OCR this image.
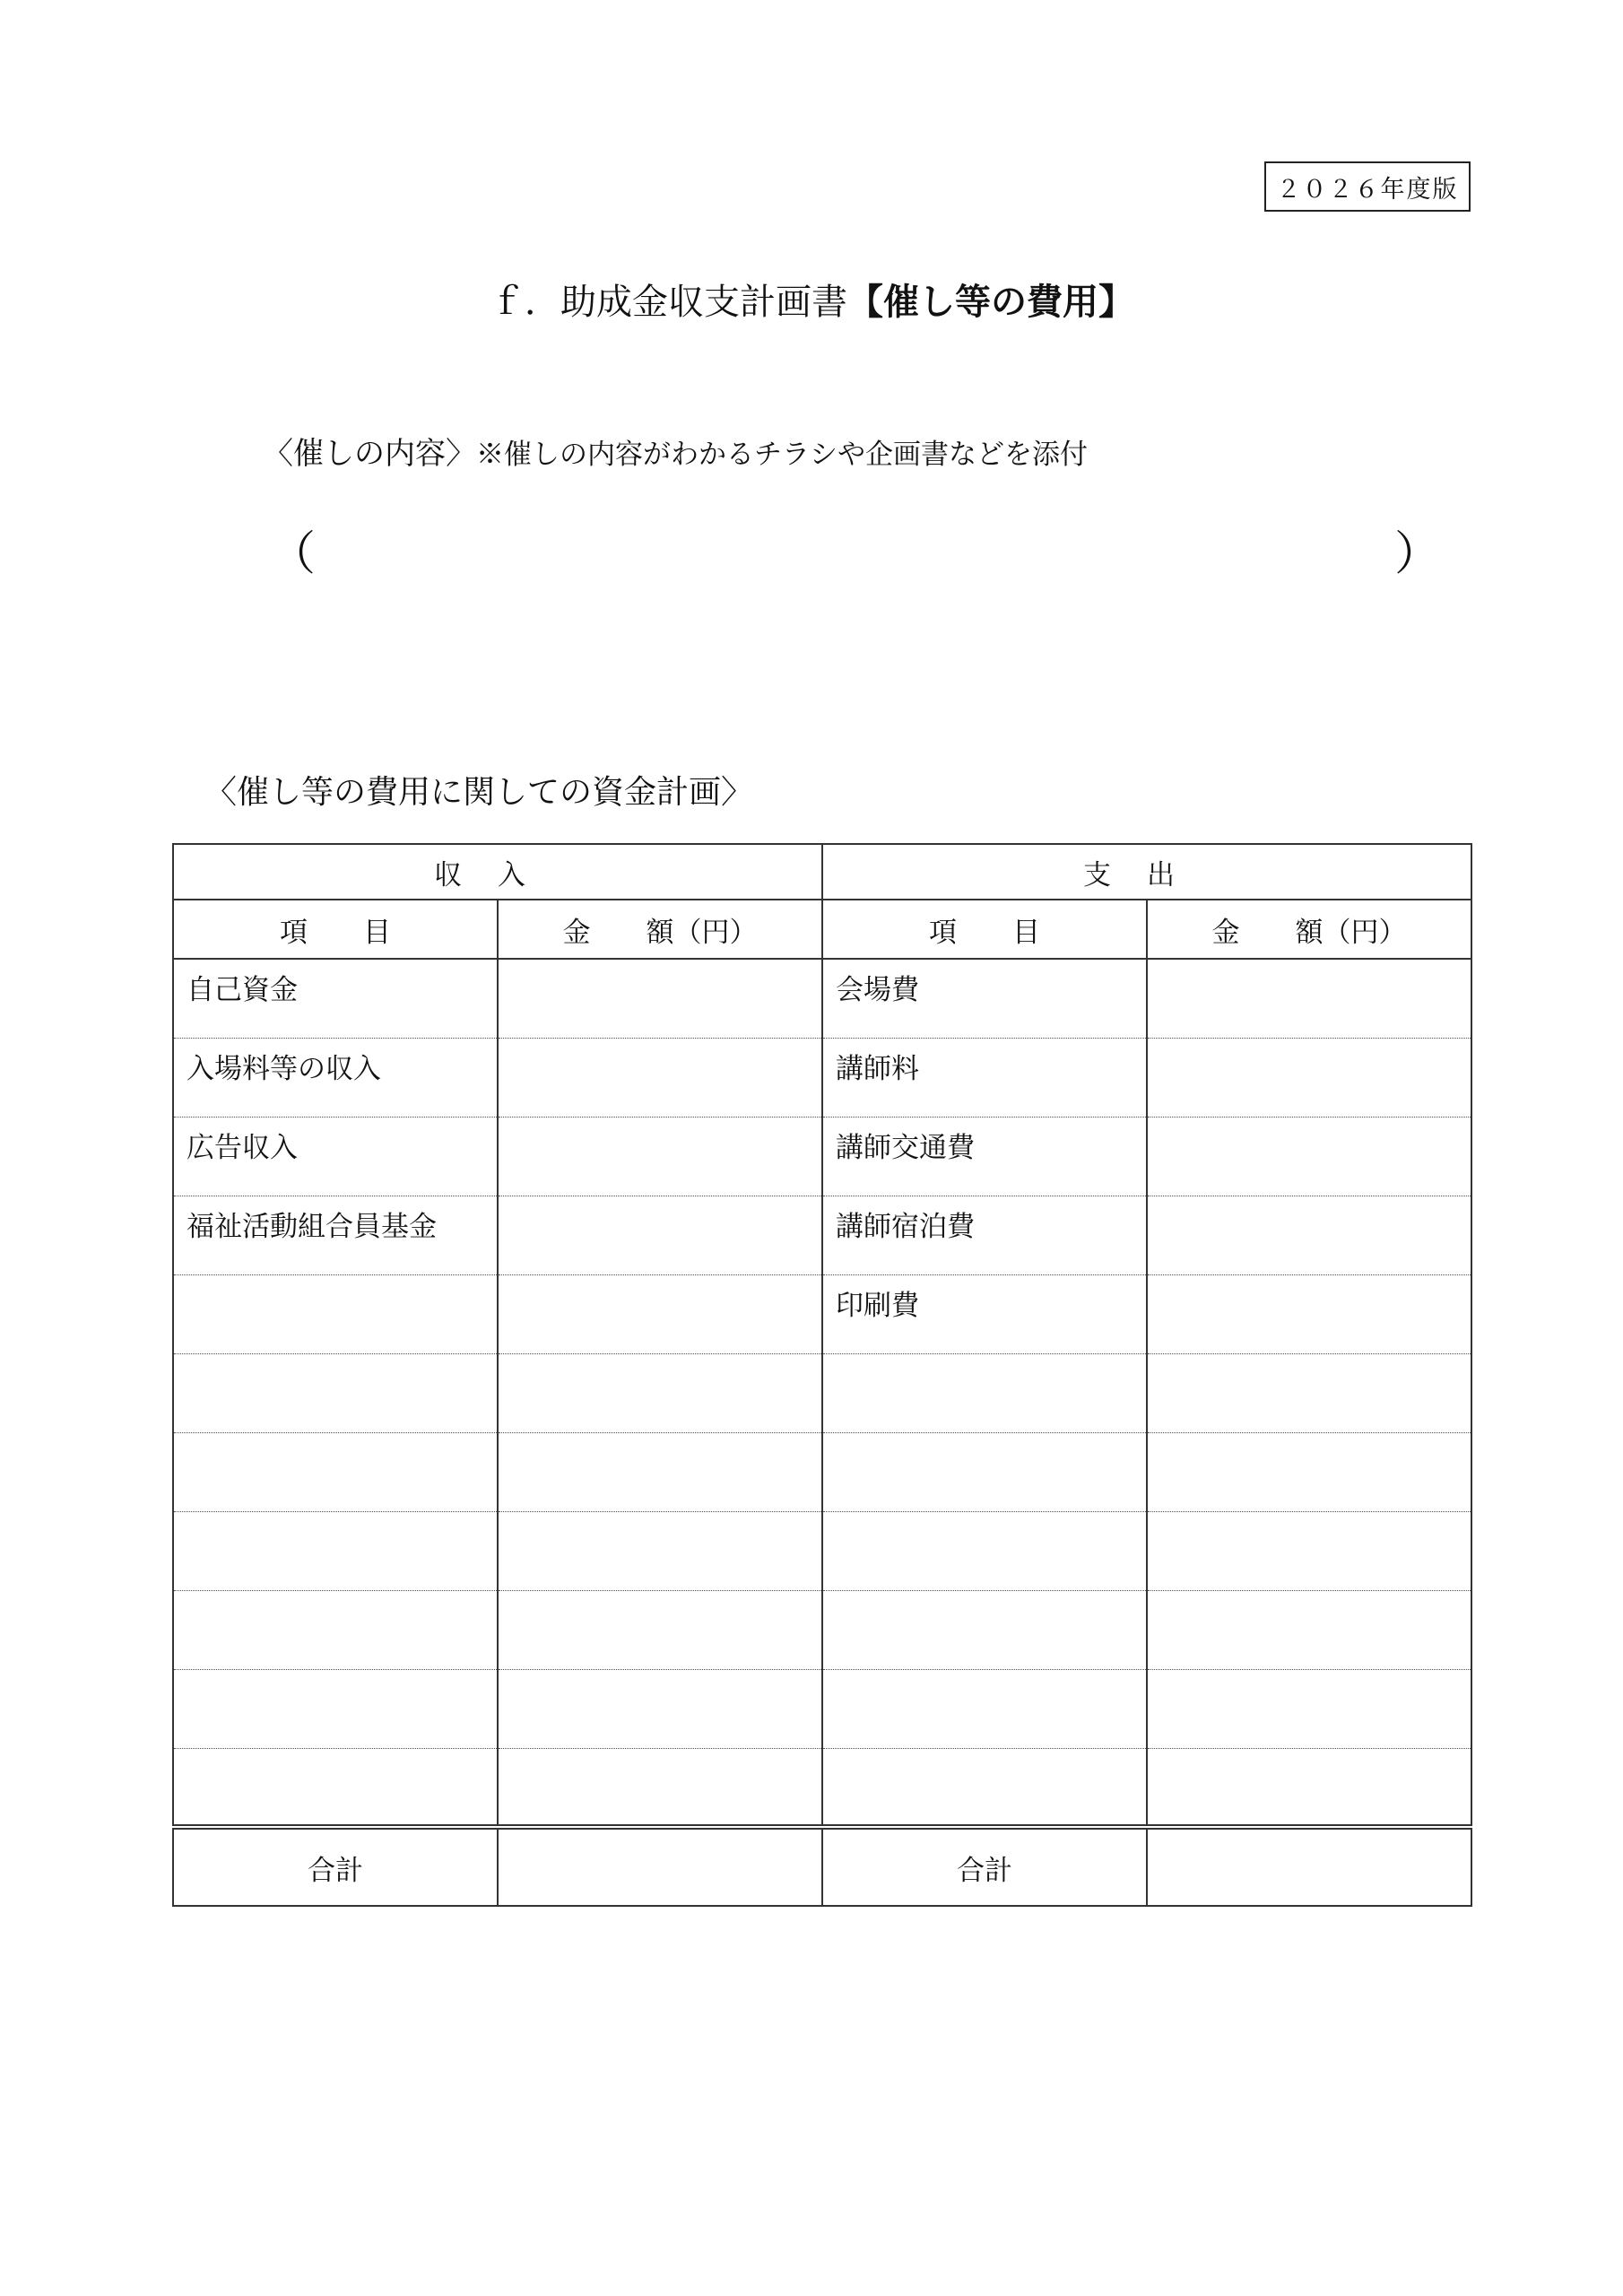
２０２６年度版
ｆ．助成金収支計画書【催し等の費用】
〈催しの内容〉※催しの内容がわかるチラシや企画書などを添付
（	）
〈催し等の費用に関しての資金計画〉
収入		支出	
項　　目	金　　額（円）	項　　目	金　　額（円）
自己資金		会場費	
入場料等の収入		講師料	
広告収入		講師交通費	
福祉活動組合員基金		講師宿泊費	
		印刷費	

合計		合計	
